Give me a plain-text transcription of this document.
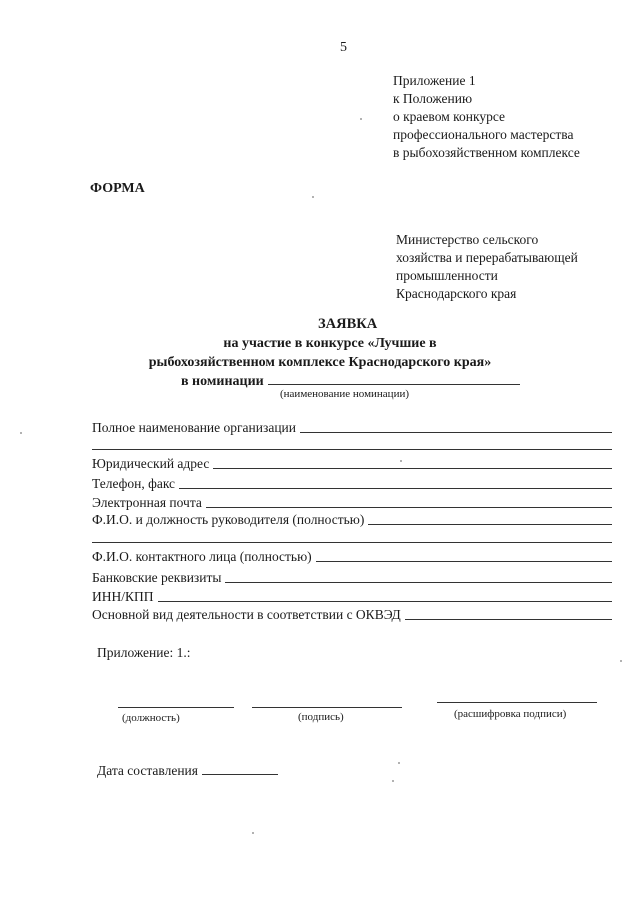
5
Приложение 1
к Положению
о краевом конкурсе
профессионального мастерства
в рыбохозяйственном комплексе
ФОРМА
Министерство сельского
хозяйства и перерабатывающей
промышленности
Краснодарского края
ЗАЯВКА
на участие в конкурсе «Лучшие в
рыбохозяйственном комплексе Краснодарского края»
в номинации
(наименование номинации)
Полное наименование организации
Юридический адрес
Телефон, факс
Электронная почта
Ф.И.О. и должность руководителя (полностью)
Ф.И.О. контактного лица (полностью)
Банковские реквизиты
ИНН/КПП
Основной вид деятельности в соответствии с ОКВЭД
Приложение: 1.:
(должность)	(подпись)	(расшифровка подписи)
Дата составления
